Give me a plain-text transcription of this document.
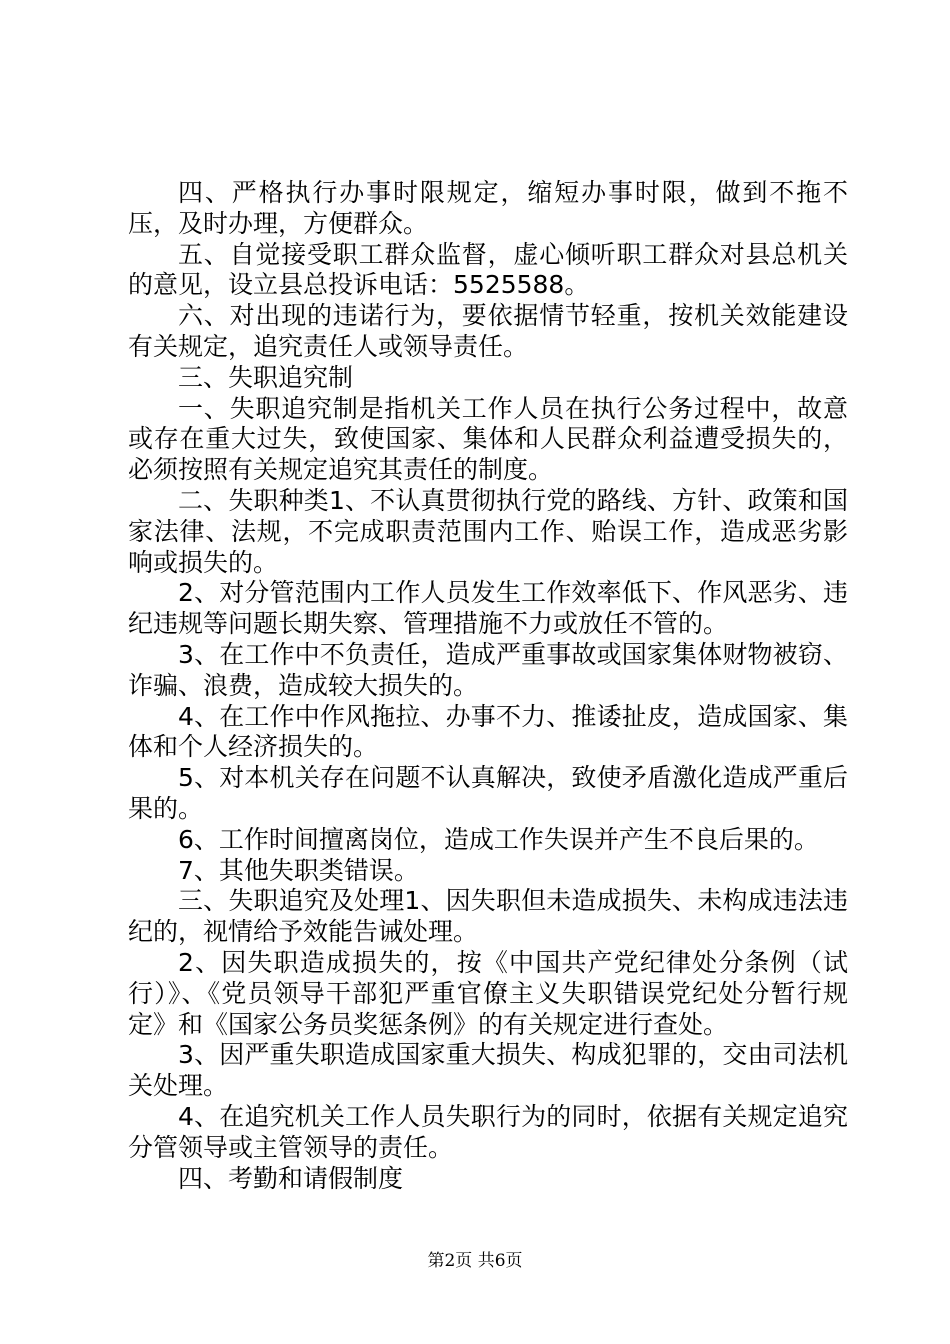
四、严格执行办事时限规定，缩短办事时限，做到不拖不压，及时办理，方便群众。

五、自觉接受职工群众监督，虚心倾听职工群众对县总机关的意见，设立县总投诉电话：5525588。

六、对出现的违诺行为，要依据情节轻重，按机关效能建设有关规定，追究责任人或领导责任。

三、失职追究制

一、失职追究制是指机关工作人员在执行公务过程中，故意或存在重大过失，致使国家、集体和人民群众利益遭受损失的，必须按照有关规定追究其责任的制度。

二、失职种类1、不认真贯彻执行党的路线、方针、政策和国家法律、法规，不完成职责范围内工作、贻误工作，造成恶劣影响或损失的。

2、对分管范围内工作人员发生工作效率低下、作风恶劣、违纪违规等问题长期失察、管理措施不力或放任不管的。

3、在工作中不负责任，造成严重事故或国家集体财物被窃、诈骗、浪费，造成较大损失的。

4、在工作中作风拖拉、办事不力、推诿扯皮，造成国家、集体和个人经济损失的。

5、对本机关存在问题不认真解决，致使矛盾激化造成严重后果的。

6、工作时间擅离岗位，造成工作失误并产生不良后果的。

7、其他失职类错误。

三、失职追究及处理1、因失职但未造成损失、未构成违法违纪的，视情给予效能告诫处理。

2、因失职造成损失的，按《中国共产党纪律处分条例（试行）》、《党员领导干部犯严重官僚主义失职错误党纪处分暂行规定》和《国家公务员奖惩条例》的有关规定进行查处。

3、因严重失职造成国家重大损失、构成犯罪的，交由司法机关处理。

4、在追究机关工作人员失职行为的同时，依据有关规定追究分管领导或主管领导的责任。

四、考勤和请假制度

第2页 共6页
